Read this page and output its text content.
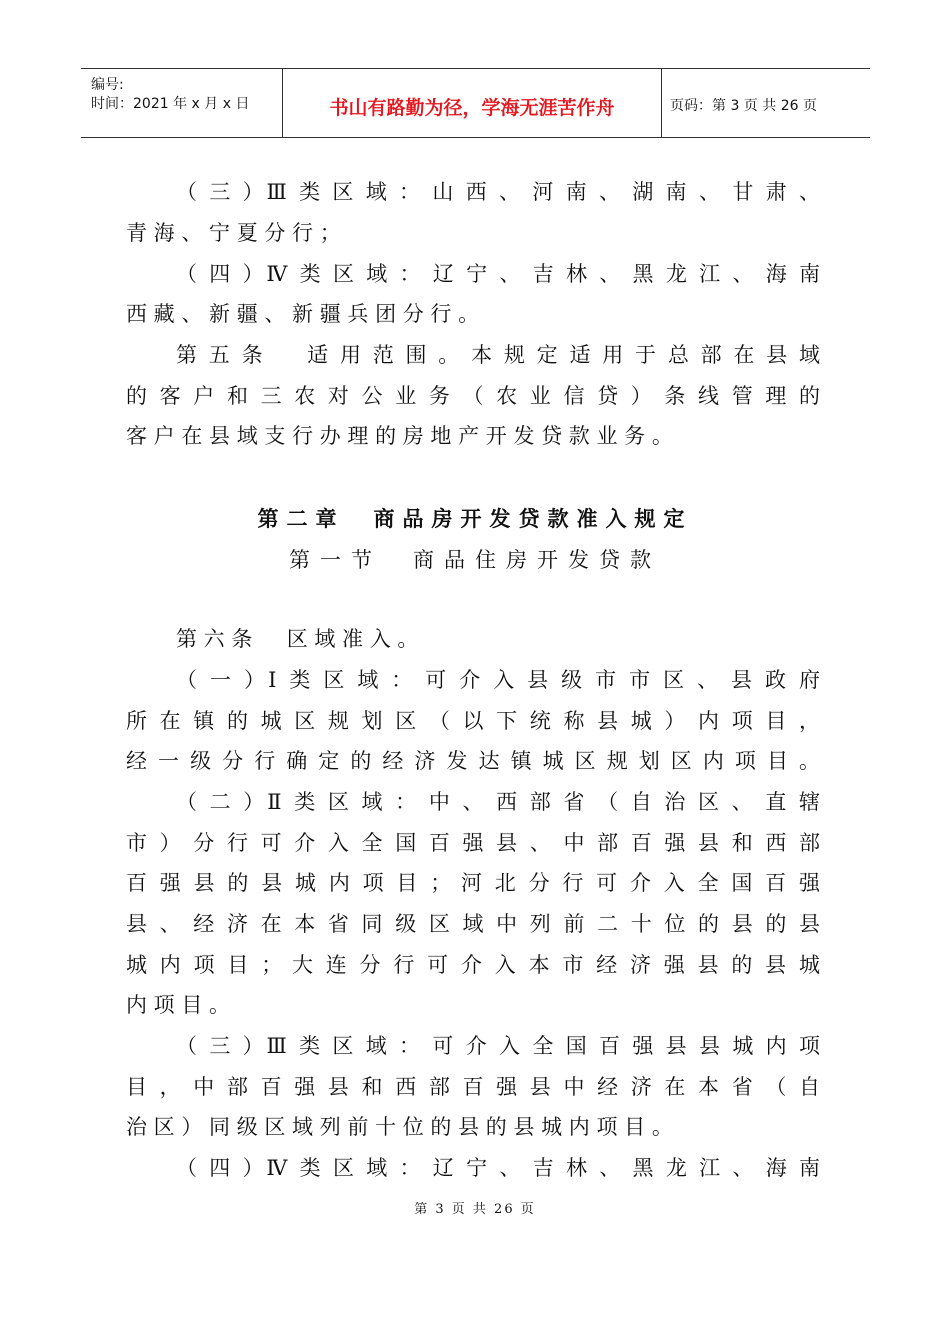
编号:
时间：2021 年 x 月 x 日	书山有路勤为径，学海无涯苦作舟	页码：第 3 页 共 26 页
（ 三 ）Ⅲ 类 区 域 ： 山 西 、 河 南 、 湖 南 、 甘 肃 、
青 海 、 宁 夏 分 行 ；
（ 四 ）Ⅳ 类 区 域 ： 辽 宁 、 吉 林 、 黑 龙 江 、 海 南
西 藏 、 新 疆 、 新 疆 兵 团 分 行 。
第 五 条 　 适 用 范 围 。 本 规 定 适 用 于 总 部 在 县 域
的 客 户 和 三 农 对 公 业 务 （ 农 业 信 贷 ） 条 线 管 理 的
客 户 在 县 域 支 行 办 理 的 房 地 产 开 发 贷 款 业 务 。
第二章　商品房开发贷款准入规定
第一节　商品住房开发贷款
第 六 条 　 区 域 准 入 。
（ 一 ）Ⅰ 类 区 域 ： 可 介 入 县 级 市 市 区 、 县 政 府
所 在 镇 的 城 区 规 划 区 （ 以 下 统 称 县 城 ） 内 项 目 ，
经 一 级 分 行 确 定 的 经 济 发 达 镇 城 区 规 划 区 内 项 目 。
（ 二 ）Ⅱ 类 区 域 ： 中 、 西 部 省 （ 自 治 区 、 直 辖
市 ） 分 行 可 介 入 全 国 百 强 县 、 中 部 百 强 县 和 西 部
百 强 县 的 县 城 内 项 目 ； 河 北 分 行 可 介 入 全 国 百 强
县 、 经 济 在 本 省 同 级 区 域 中 列 前 二 十 位 的 县 的 县
城 内 项 目 ； 大 连 分 行 可 介 入 本 市 经 济 强 县 的 县 城
内 项 目 。
（ 三 ）Ⅲ 类 区 域 ： 可 介 入 全 国 百 强 县 县 城 内 项
目 ， 中 部 百 强 县 和 西 部 百 强 县 中 经 济 在 本 省 （ 自
治 区 ） 同 级 区 域 列 前 十 位 的 县 的 县 城 内 项 目 。
（ 四 ）Ⅳ 类 区 域 ： 辽 宁 、 吉 林 、 黑 龙 江 、 海 南
第 3 页 共 26 页
